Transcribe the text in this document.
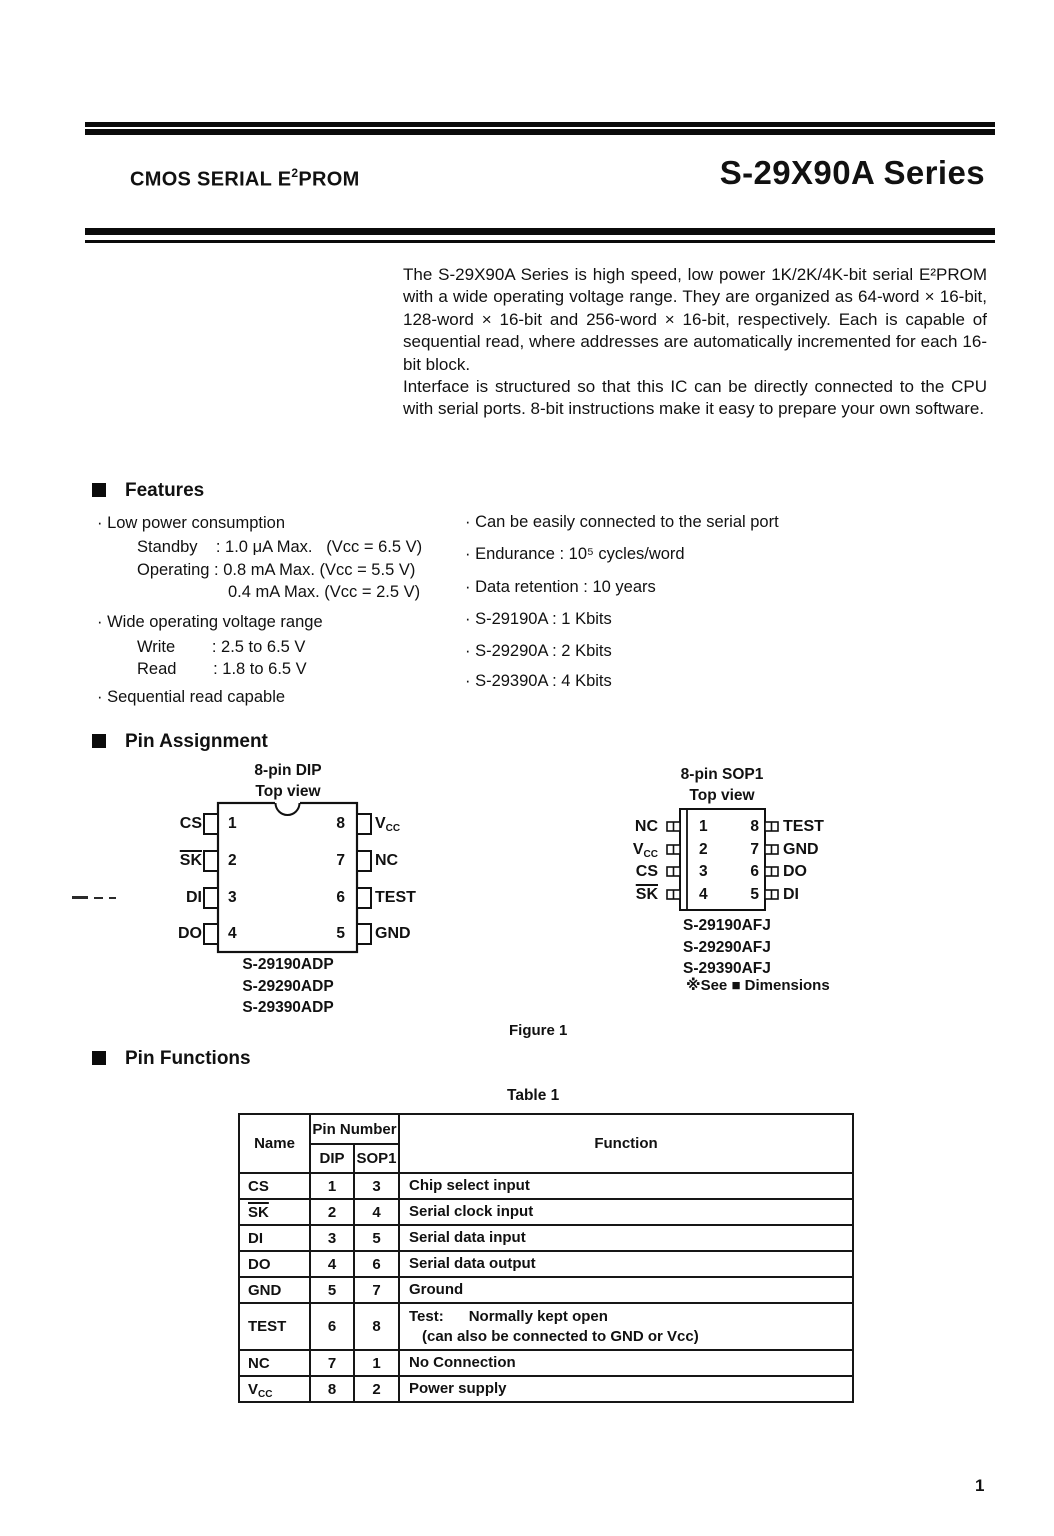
CMOS SERIAL $E^2PROM$	S-29X90A Series

The S-29X90A Series is high speed, low power 1K/2K/4K-bit serial E²PROM with a wide operating voltage range. They are organized as 64-word × 16-bit, 128-word × 16-bit and 256-word × 16-bit, respectively. Each is capable of sequential read, where addresses are automatically incremented for each 16-bit block.

Interface is structured so that this IC can be directly connected to the CPU with serial ports. 8-bit instructions make it easy to prepare your own software.

Features
· Low power consumption
Standby    : 1.0 μA Max.   (Vcc = 6.5 V)
Operating : 0.8 mA Max. (Vcc = 5.5 V)
0.4 mA Max. (Vcc = 2.5 V)
· Wide operating voltage range
Write        : 2.5 to 6.5 V
Read        : 1.8 to 6.5 V
· Sequential read capable
· Can be easily connected to the serial port
· Endurance : 10⁵ cycles/word
· Data retention : 10 years
· S-29190A : 1 Kbits
· S-29290A : 2 Kbits
· S-29390A : 4 Kbits
Pin Assignment
8-pin DIP
Top view
CS
$\overline{SK}$
DI
DO
1
2
3
4
8
7
6
5
$V_{CC}$
NC
TEST
GND
S-29190ADP
S-29290ADP
S-29390ADP
8-pin SOP1
Top view
NC
$V_{CC}$
CS
$\overline{SK}$
1
2
3
4
8
7
6
5
TEST
GND
DO
DI
S-29190AFJ
S-29290AFJ
S-29390AFJ
※See ■ Dimensions
Figure 1
Pin Functions
Table 1
Name	Pin Number		Function
	DIP	SOP1	
CS	1	3	Chip select input

$\overline{SK}$	2	4	Serial clock input

DI	3	5	Serial data input

DO	4	6	Serial data output

GND	5	7	Ground

TEST	6	8	Test:      Normally kept open
(can also be connected to GND or Vcc)

NC	7	1	No Connection

$V_{CC}$	8	2	Power supply
1
